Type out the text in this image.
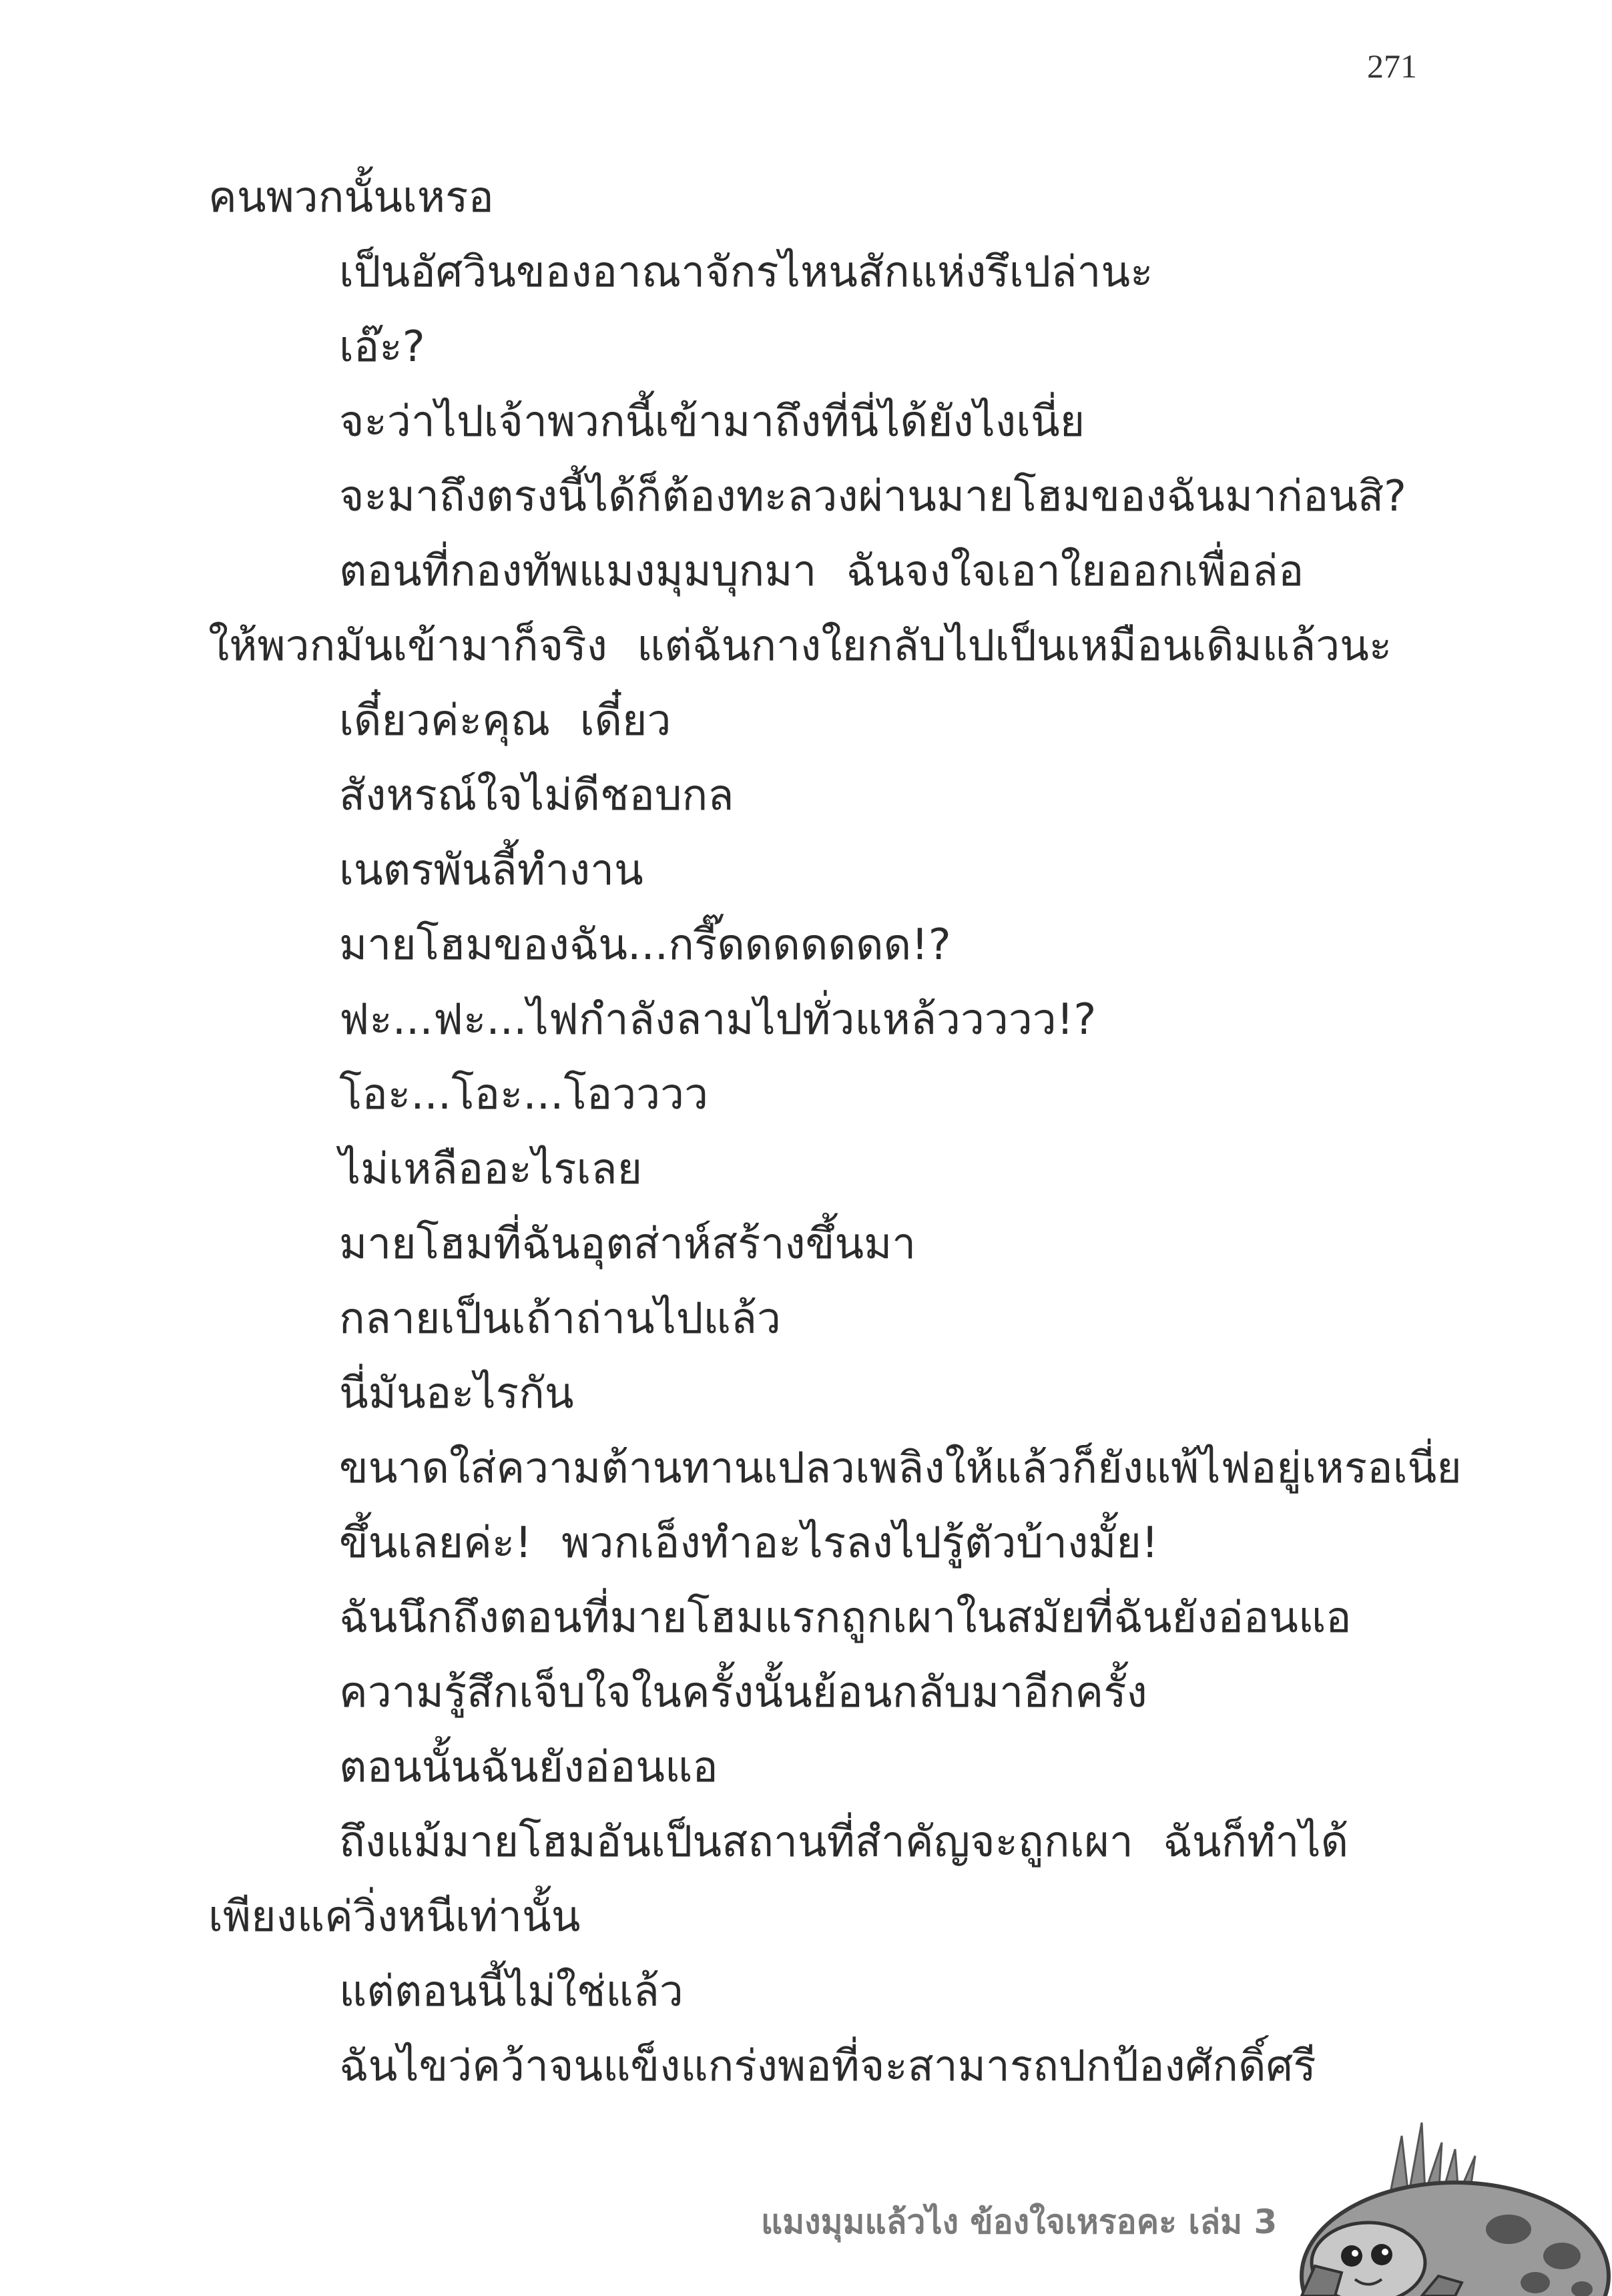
271
คนพวกนั้นเหรอ
เป็นอัศวินของอาณาจักรไหนสักแห่งรึเปล่านะ
เอ๊ะ?
จะว่าไปเจ้าพวกนี้เข้ามาถึงที่นี่ได้ยังไงเนี่ย
จะมาถึงตรงนี้ได้ก็ต้องทะลวงผ่านมายโฮมของฉันมาก่อนสิ?
ตอนที่กองทัพแมงมุมบุกมา ฉันจงใจเอาใยออกเพื่อล่อ
ให้พวกมันเข้ามาก็จริง แต่ฉันกางใยกลับไปเป็นเหมือนเดิมแล้วนะ
เดี๋ยวค่ะคุณ เดี๋ยว
สังหรณ์ใจไม่ดีชอบกล
เนตรพันลี้ทำงาน
มายโฮมของฉัน...กรี๊ดดดดดดด!?
ฟะ...ฟะ...ไฟกำลังลามไปทั่วแหล้ววววว!?
โอะ...โอะ...โอวววว
ไม่เหลืออะไรเลย
มายโฮมที่ฉันอุตส่าห์สร้างขึ้นมา
กลายเป็นเถ้าถ่านไปแล้ว
นี่มันอะไรกัน
ขนาดใส่ความต้านทานเปลวเพลิงให้แล้วก็ยังแพ้ไฟอยู่เหรอเนี่ย
ขึ้นเลยค่ะ! พวกเอ็งทำอะไรลงไปรู้ตัวบ้างมั้ย!
ฉันนึกถึงตอนที่มายโฮมแรกถูกเผาในสมัยที่ฉันยังอ่อนแอ
ความรู้สึกเจ็บใจในครั้งนั้นย้อนกลับมาอีกครั้ง
ตอนนั้นฉันยังอ่อนแอ
ถึงแม้มายโฮมอันเป็นสถานที่สำคัญจะถูกเผา ฉันก็ทำได้
เพียงแค่วิ่งหนีเท่านั้น
แต่ตอนนี้ไม่ใช่แล้ว
ฉันไขว่คว้าจนแข็งแกร่งพอที่จะสามารถปกป้องศักดิ์ศรี
แมงมุมแล้วไง ข้องใจเหรอคะ เล่ม 3
